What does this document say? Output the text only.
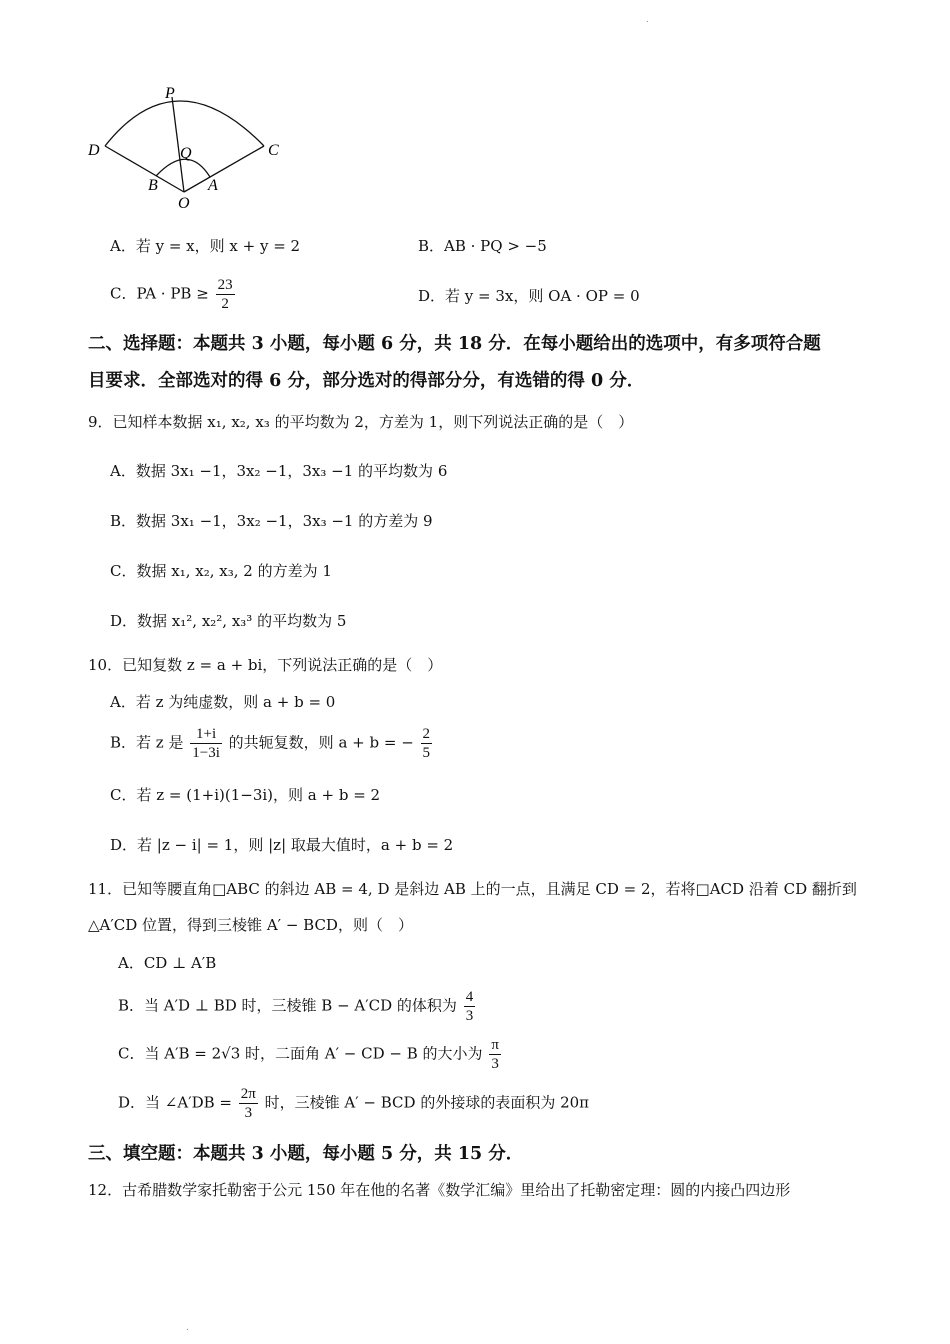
.
.
P
D	C
Q
B	A
O
A．若 y = x，则 x + y = 2	B．AB · PQ > −5
C．PA · PB ≥ $\frac{23}{2}$	D．若 y = 3x，则 OA · OP = 0
二、选择题：本题共 3 小题，每小题 6 分，共 18 分．在每小题给出的选项中，有多项符合题
目要求．全部选对的得 6 分，部分选对的得部分分，有选错的得 0 分．
9．已知样本数据 x₁, x₂, x₃ 的平均数为 2，方差为 1，则下列说法正确的是（　）
A．数据 3x₁ −1，3x₂ −1，3x₃ −1 的平均数为 6
B．数据 3x₁ −1，3x₂ −1，3x₃ −1 的方差为 9
C．数据 x₁, x₂, x₃, 2 的方差为 1
D．数据 x₁², x₂², x₃³ 的平均数为 5
10．已知复数 z = a + bi，下列说法正确的是（　）
A．若 z 为纯虚数，则 a + b = 0
B．若 z 是 $\frac{1+i}{1-3i}$ 的共轭复数，则 a + b = − $\frac{2}{5}$
C．若 z = (1+i)(1−3i)，则 a + b = 2
D．若 |z − i| = 1，则 |z| 取最大值时，a + b = 2
11．已知等腰直角□ABC 的斜边 AB = 4, D 是斜边 AB 上的一点，且满足 CD = 2，若将□ACD 沿着 CD 翻折到
△A′CD 位置，得到三棱锥 A′ − BCD，则（　）
A．CD ⊥ A′B
B．当 A′D ⊥ BD 时，三棱锥 B − A′CD 的体积为 $\frac{4}{3}$
C．当 A′B = 2√3 时，二面角 A′ − CD − B 的大小为 $\frac{\pi}{3}$
D．当 ∠A′DB = $\frac{2\pi}{3}$ 时，三棱锥 A′ − BCD 的外接球的表面积为 20π
三、填空题：本题共 3 小题，每小题 5 分，共 15 分．
12．古希腊数学家托勒密于公元 150 年在他的名著《数学汇编》里给出了托勒密定理：圆的内接凸四边形
